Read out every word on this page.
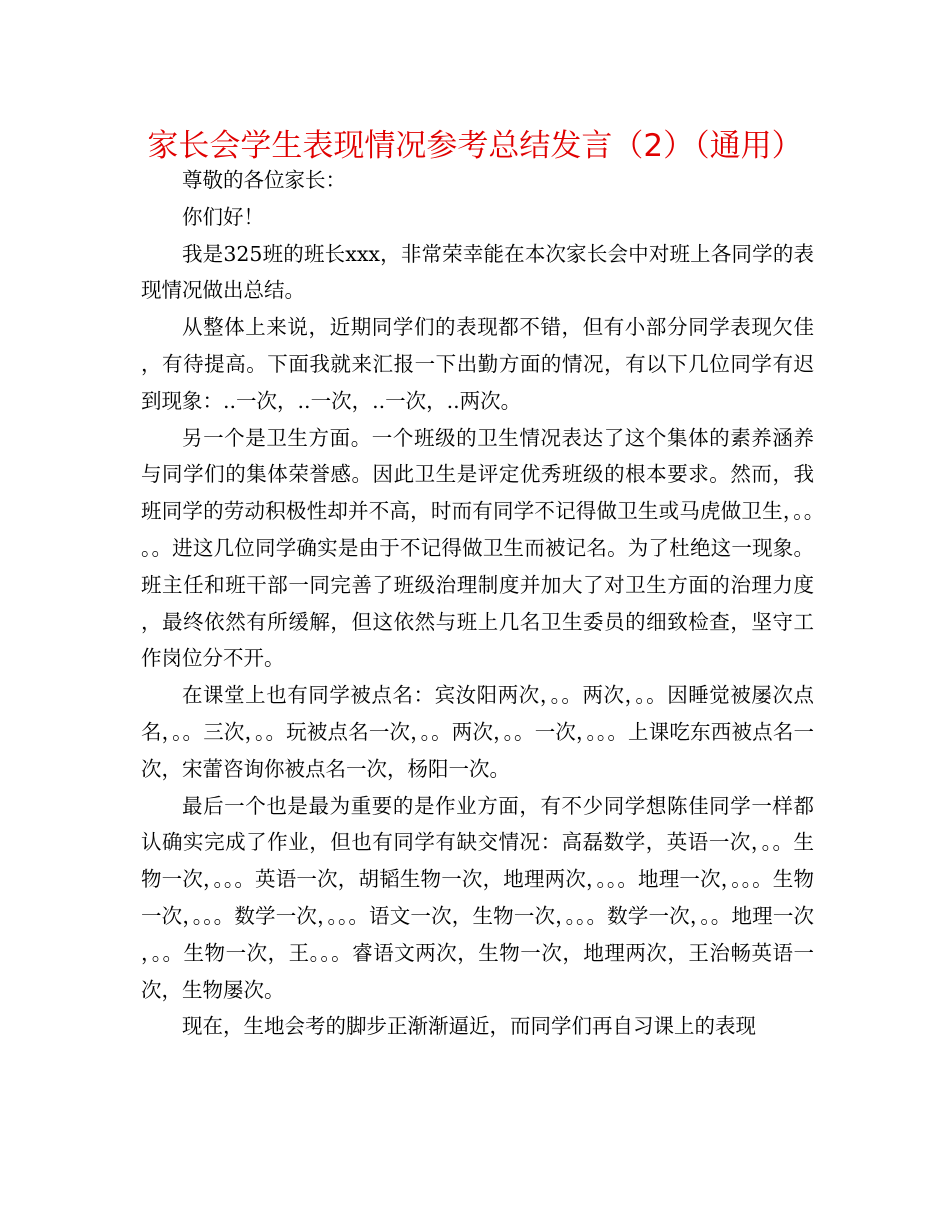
家长会学生表现情况参考总结发言（2）（通用）

尊敬的各位家长：

你们好！

我是325班的班长xxx，非常荣幸能在本次家长会中对班上各同学的表现情况做出总结。

从整体上来说，近期同学们的表现都不错，但有小部分同学表现欠佳，有待提高。下面我就来汇报一下出勤方面的情况，有以下几位同学有迟到现象：..一次，..一次，..一次，..两次。

另一个是卫生方面。一个班级的卫生情况表达了这个集体的素养涵养与同学们的集体荣誉感。因此卫生是评定优秀班级的根本要求。然而，我班同学的劳动积极性却并不高，时而有同学不记得做卫生或马虎做卫生，。。。。进这几位同学确实是由于不记得做卫生而被记名。为了杜绝这一现象。班主任和班干部一同完善了班级治理制度并加大了对卫生方面的治理力度，最终依然有所缓解，但这依然与班上几名卫生委员的细致检查，坚守工作岗位分不开。

在课堂上也有同学被点名：宾汝阳两次，。。两次，。。因睡觉被屡次点名，。。三次，。。玩被点名一次，。。两次，。。一次，。。。上课吃东西被点名一次，宋蕾咨询你被点名一次，杨阳一次。

最后一个也是最为重要的是作业方面，有不少同学想陈佳同学一样都认确实完成了作业，但也有同学有缺交情况：高磊数学，英语一次，。。生物一次，。。。英语一次，胡韬生物一次，地理两次，。。。地理一次，。。。生物一次，。。。数学一次，。。。语文一次，生物一次，。。。数学一次，。。地理一次，。。生物一次，王。。。睿语文两次，生物一次，地理两次，王治畅英语一次，生物屡次。

现在，生地会考的脚步正渐渐逼近，而同学们再自习课上的表现
